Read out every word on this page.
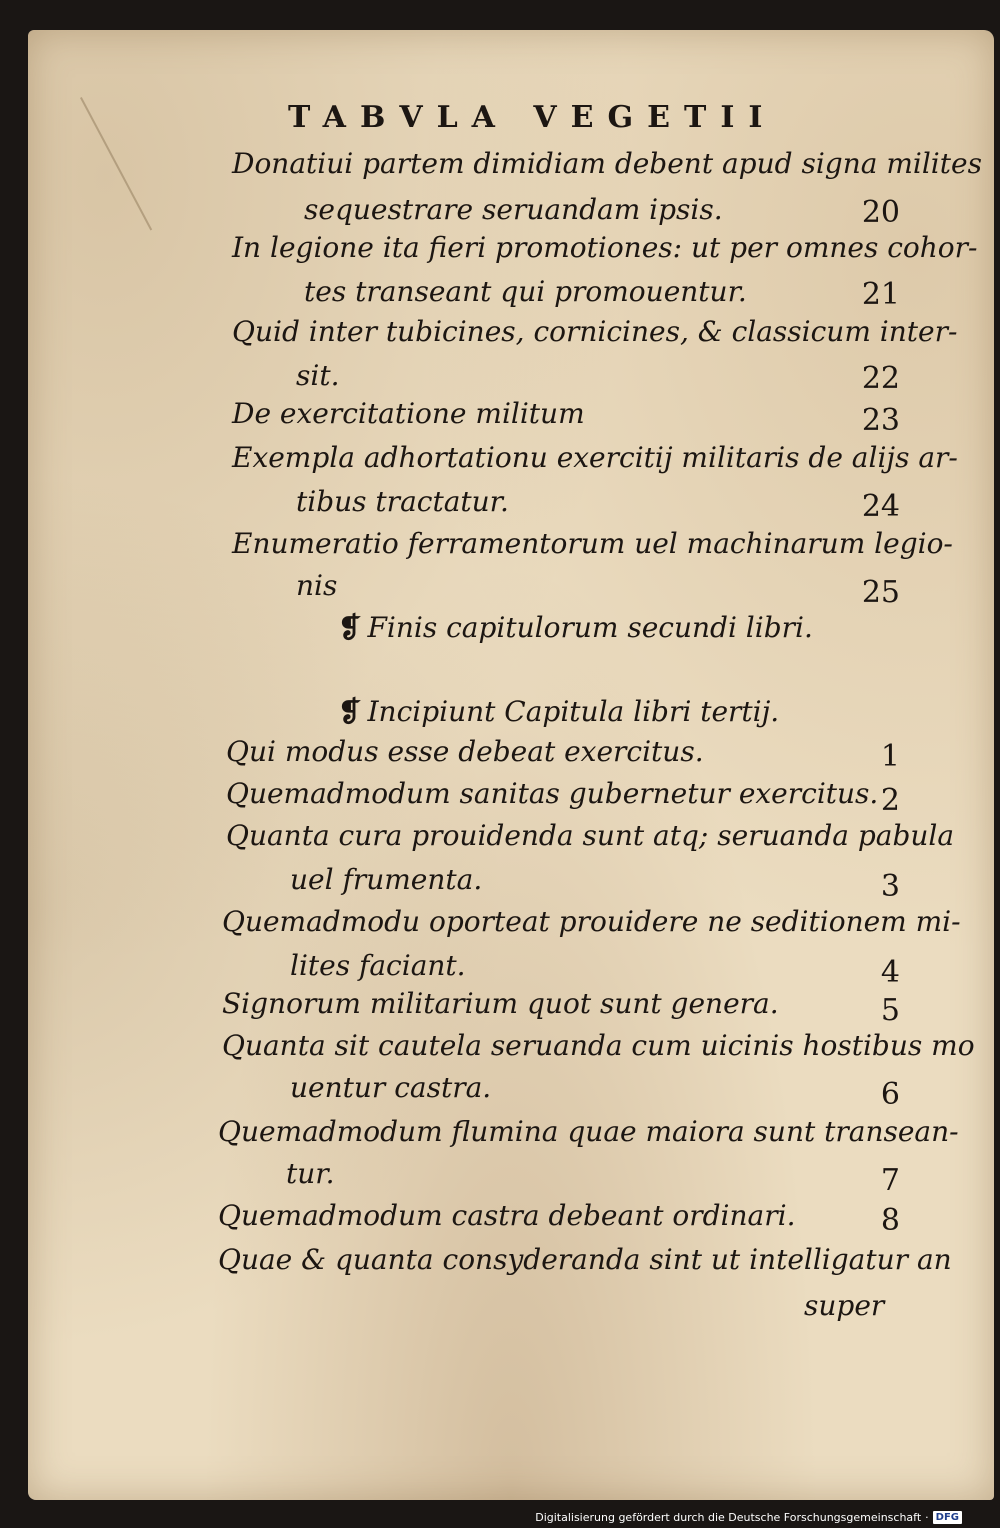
TABVLA VEGETII
Donatiui partem dimidiam debent apud signa milites
sequestrare seruandam ipsis.	20
In legione ita fieri promotiones: ut per omnes cohor-
tes transeant qui promouentur.	21
Quid inter tubicines, cornicines, & classicum inter-
sit.	22
De exercitatione militum	23
Exempla adhortationu exercitij militaris de alijs ar-
tibus tractatur.	24
Enumeratio ferramentorum uel machinarum legio-
nis	25
❡ Finis capitulorum secundi libri.
❡ Incipiunt Capitula libri tertij.
Qui modus esse debeat exercitus.	1
Quemadmodum sanitas gubernetur exercitus. 2
Quanta cura prouidenda sunt atq; seruanda pabula
uel frumenta.	3
Quemadmodu oporteat prouidere ne seditionem mi-
lites faciant.	4
Signorum militarium quot sunt genera.	5
Quanta sit cautela seruanda cum uicinis hostibus mo
uentur castra.	6
Quemadmodum flumina quae maiora sunt transean-
tur.	7
Quemadmodum castra debeant ordinari.	8
Quae & quanta consyderanda sint ut intelligatur an
super
Digitalisierung gefördert durch die Deutsche Forschungsgemeinschaft · DFG
